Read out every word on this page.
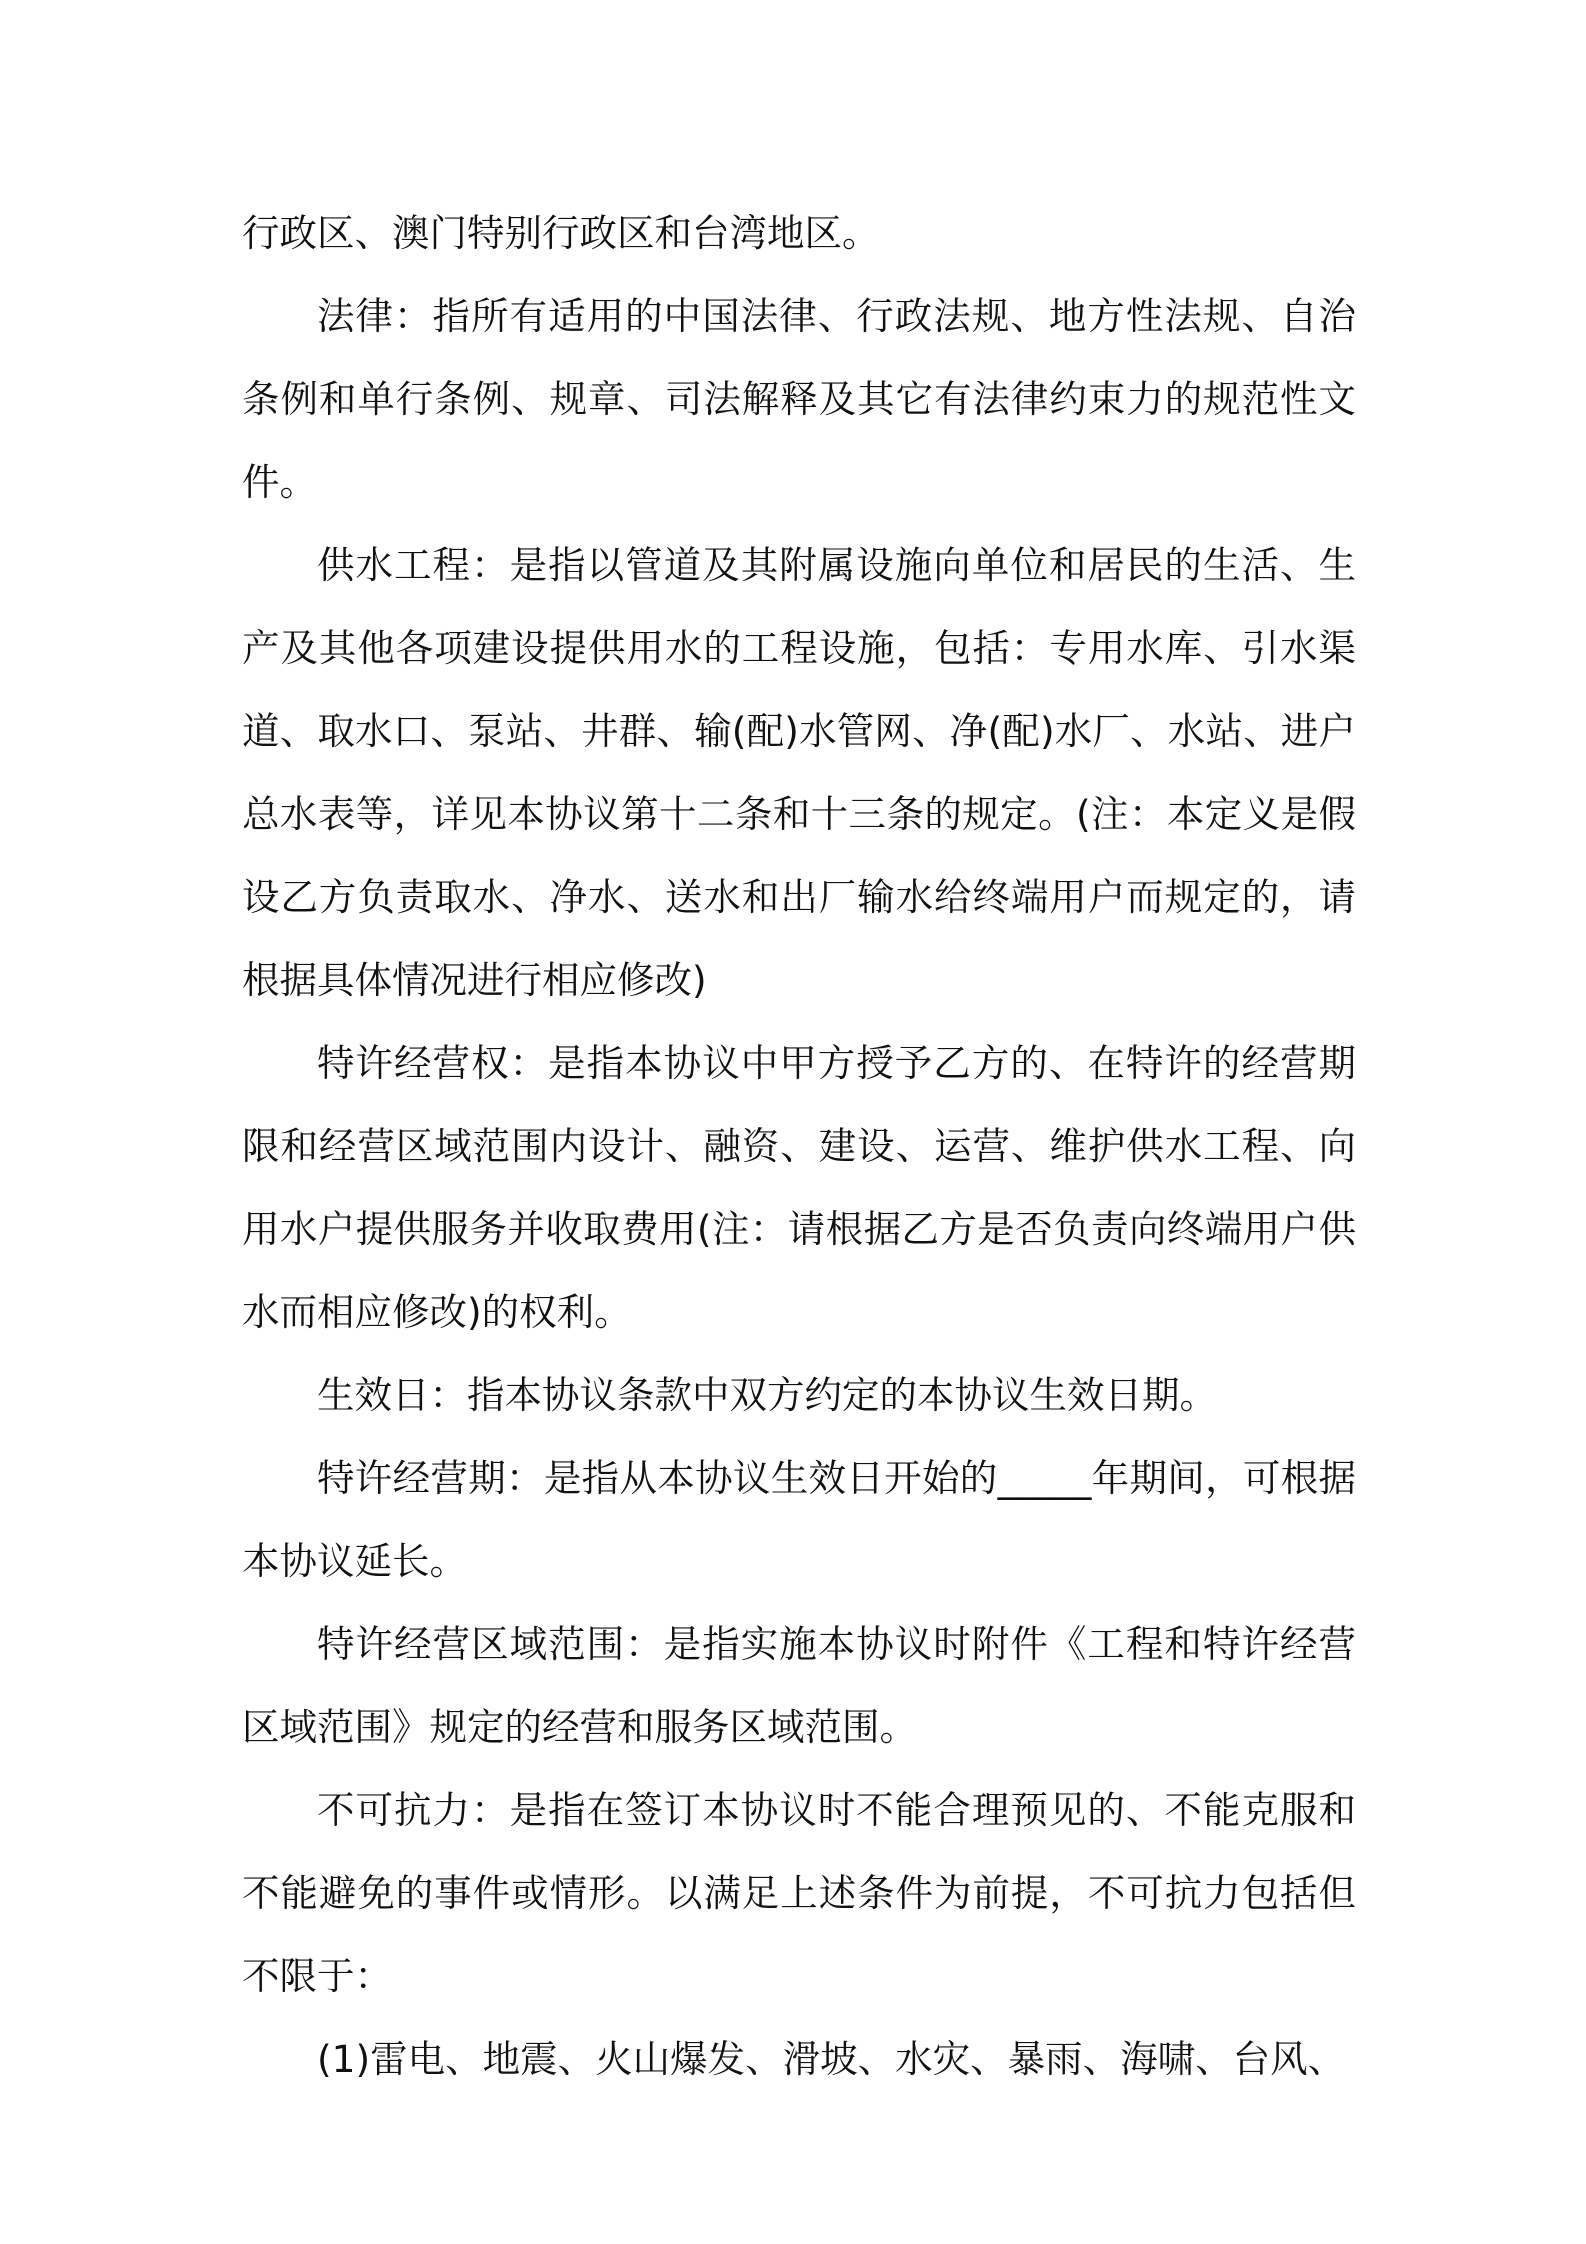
行政区、澳门特别行政区和台湾地区。

法律：指所有适用的中国法律、行政法规、地方性法规、自治条例和单行条例、规章、司法解释及其它有法律约束力的规范性文件。

供水工程：是指以管道及其附属设施向单位和居民的生活、生产及其他各项建设提供用水的工程设施，包括：专用水库、引水渠道、取水口、泵站、井群、输(配)水管网、净(配)水厂、水站、进户总水表等，详见本协议第十二条和十三条的规定。(注：本定义是假设乙方负责取水、净水、送水和出厂输水给终端用户而规定的，请根据具体情况进行相应修改)

特许经营权：是指本协议中甲方授予乙方的、在特许的经营期限和经营区域范围内设计、融资、建设、运营、维护供水工程、向用水户提供服务并收取费用(注：请根据乙方是否负责向终端用户供水而相应修改)的权利。

生效日：指本协议条款中双方约定的本协议生效日期。

特许经营期：是指从本协议生效日开始的_____年期间，可根据本协议延长。

特许经营区域范围：是指实施本协议时附件《工程和特许经营区域范围》规定的经营和服务区域范围。

不可抗力：是指在签订本协议时不能合理预见的、不能克服和不能避免的事件或情形。以满足上述条件为前提，不可抗力包括但不限于：

(1)雷电、地震、火山爆发、滑坡、水灾、暴雨、海啸、台风、
